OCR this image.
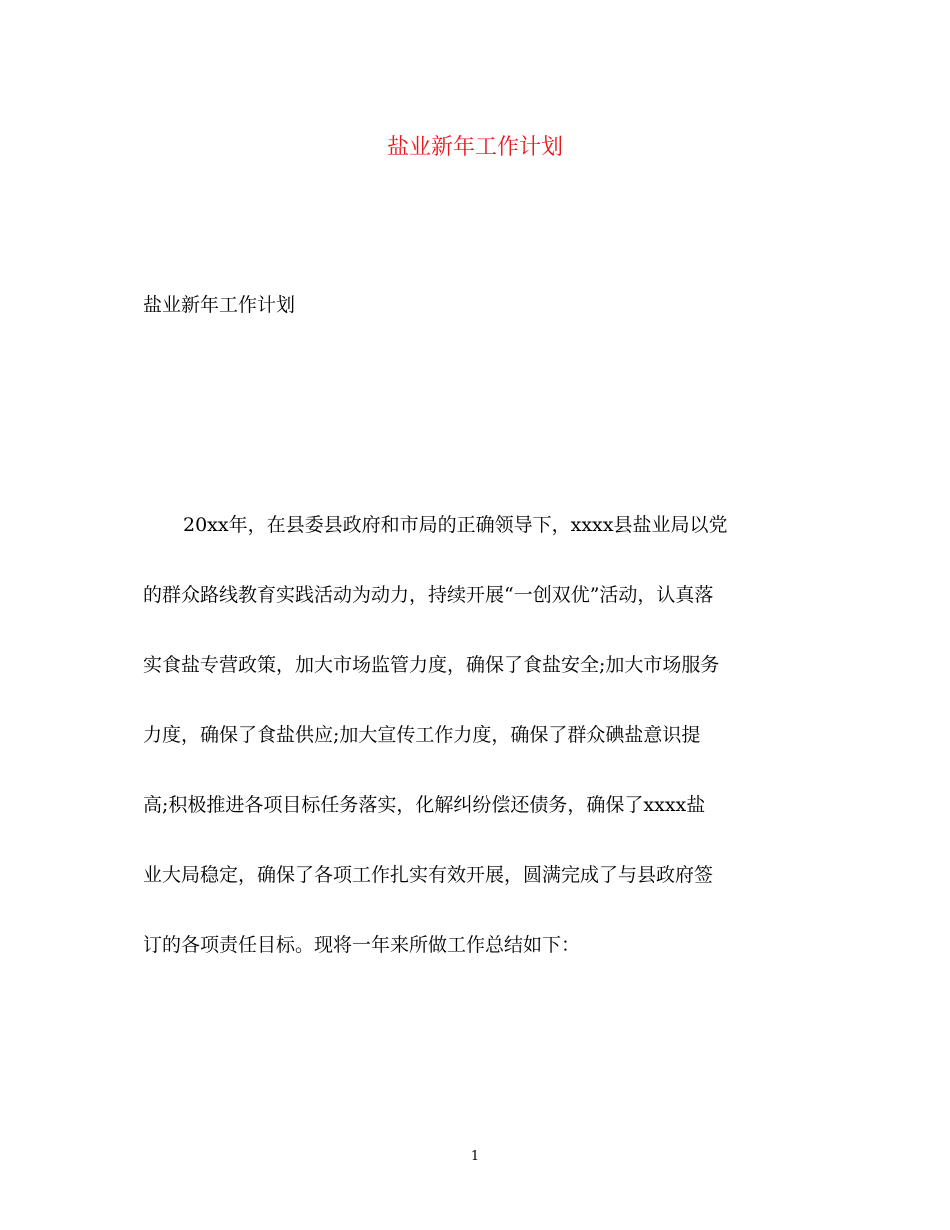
盐业新年工作计划
盐业新年工作计划
20xx年，在县委县政府和市局的正确领导下，xxxx县盐业局以党
的群众路线教育实践活动为动力，持续开展“一创双优”活动，认真落
实食盐专营政策，加大市场监管力度，确保了食盐安全;加大市场服务
力度，确保了食盐供应;加大宣传工作力度，确保了群众碘盐意识提
高;积极推进各项目标任务落实，化解纠纷偿还债务，确保了xxxx盐
业大局稳定，确保了各项工作扎实有效开展，圆满完成了与县政府签
订的各项责任目标。现将一年来所做工作总结如下：
1
